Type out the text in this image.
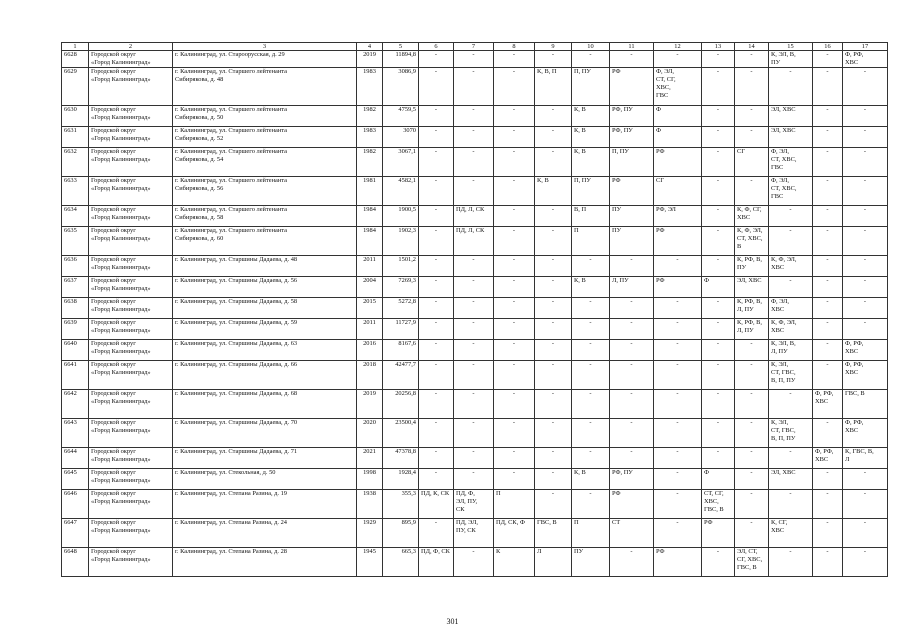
1	2	3	4	5	6	7	8	9	10	11	12	13	14	15	16	17
6628	Городской округ
«Город Калининград»	г. Калининград, ул. Староорусская, д. 29	2019	11894,8	-	-	-	-	-	-	-	-	-	К, ЭЛ, В,
ПУ	-	Ф, РФ,
ХВС
6629	Городской округ
«Город Калининград»	г. Калининград, ул. Старшего лейтенанта
Сибирякова, д. 48	1983	3086,9	-	-	-	К, В, П	П, ПУ	РФ	Ф, ЭЛ,
СТ, СГ,
ХВС,
ГВС	-	-	-	-	-
6630	Городской округ
«Город Калининград»	г. Калининград, ул. Старшего лейтенанта
Сибирякова, д. 50	1982	4759,5	-	-	-	-	К, В	РФ, ПУ	Ф	-	-	ЭЛ, ХВС	-	-
6631	Городской округ
«Город Калининград»	г. Калининград, ул. Старшего лейтенанта
Сибирякова, д. 52	1983	3070	-	-	-	-	К, В	РФ, ПУ	Ф	-	-	ЭЛ, ХВС	-	-
6632	Городской округ
«Город Калининград»	г. Калининград, ул. Старшего лейтенанта
Сибирякова, д. 54	1982	3067,1	-	-	-	-	К, В	П, ПУ	РФ	-	СГ	Ф, ЭЛ,
СТ, ХВС,
ГВС	-	-
6633	Городской округ
«Город Калининград»	г. Калининград, ул. Старшего лейтенанта
Сибирякова, д. 56	1981	4582,1	-	-	-	К, В	П, ПУ	РФ	СГ	-	-	Ф, ЭЛ,
СТ, ХВС,
ГВС	-	-
6634	Городской округ
«Город Калининград»	г. Калининград, ул. Старшего лейтенанта
Сибирякова, д. 58	1984	1900,5	-	ПД, Л, СК	-	-	В, П	ПУ	РФ, ЭЛ	-	К, Ф, СГ,
ХВС	-	-	-
6635	Городской округ
«Город Калининград»	г. Калининград, ул. Старшего лейтенанта
Сибирякова, д. 60	1984	1902,3	-	ПД, Л, СК	-	-	П	ПУ	РФ	-	К, Ф, ЭЛ,
СТ, ХВС,
В	-	-	-
6636	Городской округ
«Город Калининград»	г. Калининград, ул. Старшины Дадаева, д. 48	2011	1501,2	-	-	-	-	-	-	-	-	К, РФ, В,
ПУ	К, Ф, ЭЛ,
ХВС	-	-
6637	Городской округ
«Город Калининград»	г. Калининград, ул. Старшины Дадаева, д. 56	2004	7269,3	-	-	-	-	К, В	Л, ПУ	РФ	Ф	ЭЛ, ХВС	-	-	-
6638	Городской округ
«Город Калининград»	г. Калининград, ул. Старшины Дадаева, д. 58	2015	5272,8	-	-	-	-	-	-	-	-	К, РФ, В,
Л, ПУ	Ф, ЭЛ,
ХВС	-	-
6639	Городской округ
«Город Калининград»	г. Калининград, ул. Старшины Дадаева, д. 59	2011	11727,9	-	-	-	-	-	-	-	-	К, РФ, В,
Л, ПУ	К, Ф, ЭЛ,
ХВС	-	-
6640	Городской округ
«Город Калининград»	г. Калининград, ул. Старшины Дадаева, д. 63	2016	8167,6	-	-	-	-	-	-	-	-	-	К, ЭЛ, В,
Л, ПУ	-	Ф, РФ,
ХВС
6641	Городской округ
«Город Калининград»	г. Калининград, ул. Старшины Дадаева, д. 66	2018	42477,7	-	-	-	-	-	-	-	-	-	К, ЭЛ,
СТ, ГВС,
В, П, ПУ	-	Ф, РФ,
ХВС
6642	Городской округ
«Город Калининград»	г. Калининград, ул. Старшины Дадаева, д. 68	2019	20256,8	-	-	-	-	-	-	-	-	-	-	Ф, РФ,
ХВС	ГВС, В
6643	Городской округ
«Город Калининград»	г. Калининград, ул. Старшины Дадаева, д. 70	2020	23500,4	-	-	-	-	-	-	-	-	-	К, ЭЛ,
СТ, ГВС,
В, П, ПУ	-	Ф, РФ,
ХВС
6644	Городской округ
«Город Калининград»	г. Калининград, ул. Старшины Дадаева, д. 71	2021	47378,8	-	-	-	-	-	-	-	-	-	-	Ф, РФ,
ХВС	К, ГВС, В,
Л
6645	Городской округ
«Город Калининград»	г. Калининград, ул. Стекольная, д. 50	1998	1928,4	-	-	-	-	К, В	РФ, ПУ	-	Ф	-	ЭЛ, ХВС	-	-
6646	Городской округ
«Город Калининград»	г. Калининград, ул. Степана Разина, д. 19	1938	355,3	ПД, К, СК	ПД, Ф,
ЭЛ, ПУ,
СК	П	-	-	РФ	-	СТ, СГ,
ХВС,
ГВС, В	-	-	-	-
6647	Городской округ
«Город Калининград»	г. Калининград, ул. Степана Разина, д. 24	1929	895,9	-	ПД, ЭЛ,
ПУ, СК	ПД, СК, Ф	ГВС, В	П	СТ	-	РФ	-	К, СГ,
ХВС	-	-
6648	Городской округ
«Город Калининград»	г. Калининград, ул. Степана Разина, д. 28	1945	665,3	ПД, Ф, СК	-	К	Л	ПУ	-	РФ	-	ЭЛ, СТ,
СГ, ХВС,
ГВС, В	-	-	-
301
